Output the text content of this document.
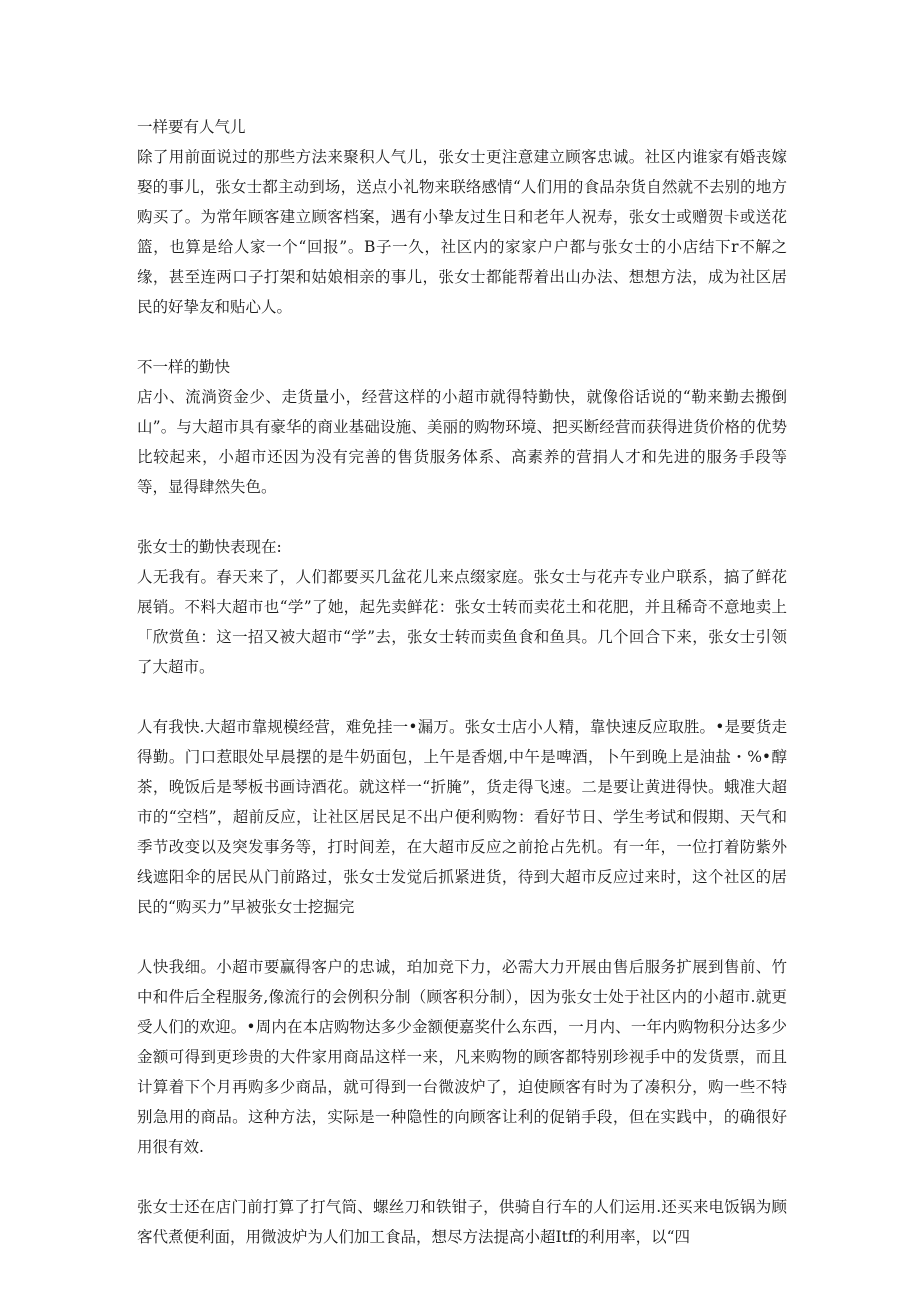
一样要有人气儿

除了用前面说过的那些方法来聚积人气儿，张女士更注意建立顾客忠诚。社区内谁家有婚丧嫁娶的事儿，张女士都主动到场，送点小礼物来联络感情“人们用的食品杂货自然就不去别的地方购买了。为常年顾客建立顾客档案，遇有小挚友过生日和老年人祝寿，张女士或赠贺卡或送花篮，也算是给人家一个“回报”。B子一久，社区内的家家户户都与张女士的小店结下r不解之缘，甚至连两口子打架和姑娘相亲的事儿，张女士都能帮着出山办法、想想方法，成为社区居民的好挚友和贴心人。

不一样的勤快

店小、流淌资金少、走货量小，经营这样的小超市就得特勤快，就像俗话说的“勒来勤去搬倒山”。与大超市具有豪华的商业基础设施、美丽的购物环境、把买断经营而获得进货价格的优势比较起来，小超市还因为没有完善的售货服务体系、高素养的营捐人才和先进的服务手段等等，显得肆然失色。

张女士的勤快表现在:

人无我有。春天来了，人们都要买几盆花儿来点缀家庭。张女士与花卉专业户联系，搞了鲜花展销。不料大超市也“学”了她，起先卖鲜花：张女士转而卖花土和花肥，并且稀奇不意地卖上「欣赏鱼：这一招又被大超市“学”去，张女士转而卖鱼食和鱼具。几个回合下来，张女士引领了大超市。

人有我快.大超市靠规模经营，难免挂一•漏万。张女士店小人精，靠快速反应取胜。•是要货走得勤。门口惹眼处早晨摆的是牛奶面包，上午是香烟,中午是啤酒，卜午到晚上是油盐・%•醇茶，晚饭后是琴板书画诗酒花。就这样一“折腌”，货走得飞速。二是要让黄进得快。蛾准大超市的“空档”，超前反应，让社区居民足不出户便利购物：看好节日、学生考试和假期、天气和季节改变以及突发事务等，打时间差，在大超市反应之前抢占先机。有一年，一位打着防紫外线遮阳伞的居民从门前路过，张女士发觉后抓紧进货，待到大超市反应过来时，这个社区的居民的“购买力”早被张女士挖掘完

人快我细。小超市要赢得客户的忠诚，珀加竞下力，必需大力开展由售后服务扩展到售前、竹中和件后全程服务,像流行的会例积分制（顾客积分制），因为张女士处于社区内的小超市.就更受人们的欢迎。•周内在本店购物达多少金额便嘉奖什么东西，一月内、一年内购物积分达多少金额可得到更珍贵的大件家用商品这样一来，凡来购物的顾客都特别珍视手中的发货票，而且计算着下个月再购多少商品，就可得到一台微波炉了，迫使顾客有时为了凑积分，购一些不特别急用的商品。这种方法，实际是一种隐性的向顾客让利的促销手段，但在实践中，的确很好用很有效.

张女士还在店门前打算了打气筒、螺丝刀和铁钳子，供骑自行车的人们运用.还买来电饭锅为顾客代煮便利面，用微波炉为人们加工食品，想尽方法提高小超Itf的利用率，以“四
